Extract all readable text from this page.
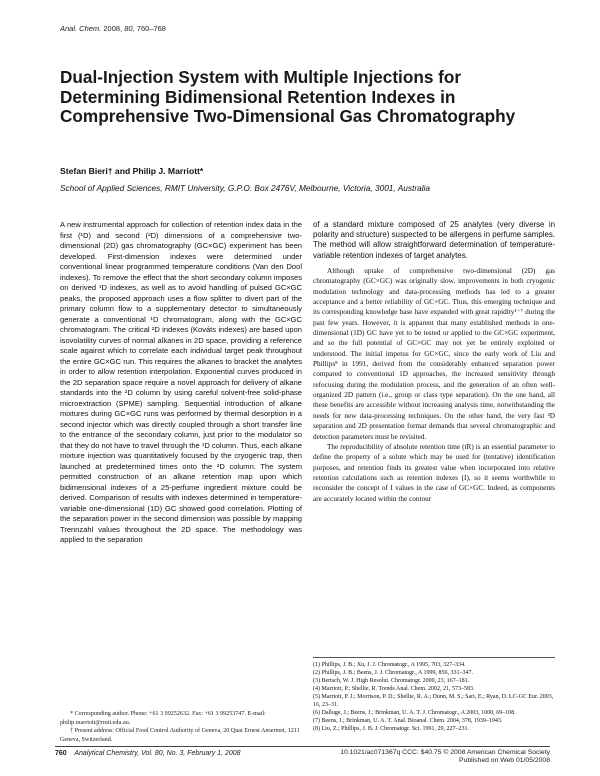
Anal. Chem. 2008, 80, 760–768
Dual-Injection System with Multiple Injections for Determining Bidimensional Retention Indexes in Comprehensive Two-Dimensional Gas Chromatography
Stefan Bieri† and Philip J. Marriott*
School of Applied Sciences, RMIT University, G.P.O. Box 2476V, Melbourne, Victoria, 3001, Australia
A new instrumental approach for collection of retention index data in the first (¹D) and second (²D) dimensions of a comprehensive two-dimensional (2D) gas chromatography (GC×GC) experiment has been developed. First-dimension indexes were determined under conventional linear programmed temperature conditions (Van den Dool indexes). To remove the effect that the short secondary column imposes on derived ¹D indexes, as well as to avoid handling of pulsed GC×GC peaks, the proposed approach uses a flow splitter to divert part of the primary column flow to a supplementary detector to simultaneously generate a conventional ¹D chromatogram, along with the GC×GC chromatogram. The critical ²D indexes (Kováts indexes) are based upon isovolatility curves of normal alkanes in 2D space, providing a reference scale against which to correlate each individual target peak throughout the entire GC×GC run. This requires the alkanes to bracket the analytes in order to allow retention interpolation. Exponential curves produced in the 2D separation space require a novel approach for delivery of alkane standards into the ²D column by using careful solvent-free solid-phase microextraction (SPME) sampling. Sequential introduction of alkane mixtures during GC×GC runs was performed by thermal desorption in a second injector which was directly coupled through a short transfer line to the entrance of the secondary column, just prior to the modulator so that they do not have to travel through the ¹D column. Thus, each alkane mixture injection was quantitatively focused by the cryogenic trap, then launched at predetermined times onto the ²D column. The system permitted construction of an alkane retention map upon which bidimensional indexes of a 25-perfume ingredient mixture could be derived. Comparison of results with indexes determined in temperature-variable one-dimensional (1D) GC showed good correlation. Plotting of the separation power in the second dimension was possible by mapping Trennzahl values throughout the 2D space. The methodology was applied to the separation
of a standard mixture composed of 25 analytes (very diverse in polarity and structure) suspected to be allergens in perfume samples. The method will allow straightforward determination of temperature-variable retention indexes of target analytes.

Although uptake of comprehensive two-dimensional (2D) gas chromatography (GC×GC) was originally slow, improvements in both cryogenic modulation technology and data-processing methods has led to a greater acceptance and a better reliability of GC×GC. Thus, this emerging technique and its corresponding knowledge base have expanded with great rapidity¹⁻⁷ during the past few years. However, it is apparent that many established methods in one-dimensional (1D) GC have yet to be tested or applied to the GC×GC experiment, and so the full potential of GC×GC may not yet be entirely exploited or understood. The initial impetus for GC×GC, since the early work of Liu and Phillips⁸ in 1991, derived from the considerably enhanced separation power compared to conventional 1D approaches, the increased sensitivity through refocusing during the modulation process, and the generation of an often well-organized 2D pattern (i.e., group or class type separation). On the one hand, all these benefits are accessible without increasing analysis time, notwithstanding the needs for new data-processing techniques. On the other hand, the very fast ²D separation and 2D presentation format demands that several chromatographic and detection parameters must be revisited.

The reproducibility of absolute retention time (tR) is an essential parameter to define the property of a solute which may be used for (tentative) identification purposes, and retention finds its greatest value when incorporated into relative retention calculations such as retention indexes (I), so it seems worthwhile to reconsider the concept of I values in the case of GC×GC. Indeed, as components are accurately located within the contour

(1) Phillips, J. B.; Xu, J. J. Chromatogr., A 1995, 703, 327–334.

(2) Phillips, J. B.; Beens, J. J. Chromatogr., A 1999, 856, 331–347.

(3) Bertsch, W. J. High Resolut. Chromatogr. 2000, 23, 167–181.

(4) Marriott, P.; Shellie, R. Trends Anal. Chem. 2002, 21, 573–583.

(5) Marriott, P. J.; Morrison, P. D.; Shellie, R. A.; Dunn, M. S.; Sari, E.; Ryan, D. LC-GC Eur. 2003, 16, 23–31.

(6) Dalluge, J.; Beens, J.; Brinkman, U. A. T. J. Chromatogr., A 2003, 1000, 69–108.

(7) Beens, J.; Brinkman, U. A. T. Anal. Bioanal. Chem. 2004, 378, 1939–1943.

(8) Liu, Z.; Phillips, J. B. J. Chromatogr. Sci. 1991, 29, 227–231.

* Corresponding author. Phone: +61 3 99252632. Fax: +61 3 99253747. E-mail: philip.marriott@rmit.edu.au.

† Present address: Official Food Control Authority of Geneva, 20 Quai Ernest Ansermet, 1211 Geneva, Switzerland.

760 Analytical Chemistry, Vol. 80, No. 3, February 1, 2008	10.1021/ac071367q CCC: $40.75 © 2008 American Chemical Society
Published on Web 01/05/2008
